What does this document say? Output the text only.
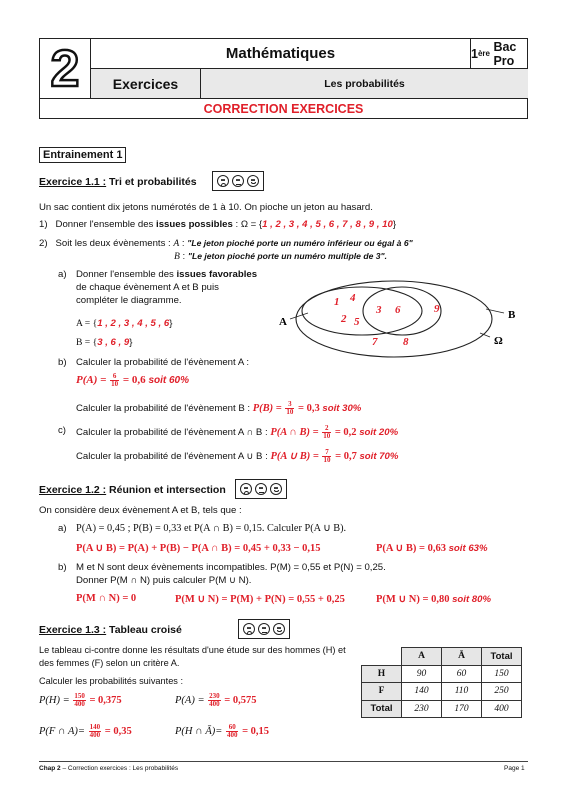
2	Mathématiques	1 ère
Bac Pro
Exercices	Les probabilités
CORRECTION EXERCICES
Entrainement 1
Exercice 1.1 : Tri et probabilités
Un sac contient dix jetons numérotés de 1 à 10. On pioche un jeton au hasard.
1) Donner l'ensemble des issues possibles : Ω = {1 , 2 , 3 , 4 , 5 , 6 , 7 , 8 , 9 , 10}
2) Soit les deux évènements : A : "Le jeton pioché porte un numéro inférieur ou égal à 6"
B : "Le jeton pioché porte un numéro multiple de 3".
a) Donner l'ensemble des issues favorables
de chaque évènement A et B puis
compléter le diagramme.
A = {1 , 2 , 3 , 4 , 5 , 6}
B = {3 , 6 , 9}
A
B
Ω
1 4
2 5
3 6	9
7 8
b) Calculer la probabilité de l'évènement A :
$P(A) = \frac{6}{10} = 0,6$ soit 60%
Calculer la probabilité de l'évènement B : $P(B) = \frac{3}{10} = 0,3$ soit 30%
c) Calculer la probabilité de l'évènement A ∩ B : P(A ∩ $B) = \frac{2}{10} = 0,2$ soit 20%
Calculer la probabilité de l'évènement A ∪ B : P(A ∪ $B) = \frac{7}{10} = 0,7$ soit 70%
Exercice 1.2 : Réunion et intersection
On considère deux évènement A et B, tels que :
a) P(A) = 0,45 ; P(B) = 0,33 et P(A ∩ B) = 0,15. Calculer P(A ∪ B).
P(A ∪ B) = P(A) + P(B) − P(A ∩ B) = 0,45 + 0,33 − 0,15	P(A ∪ B) = 0,63 soit 63%
b) M et N sont deux évènements incompatibles. P(M) = 0,55 et P(N) = 0,25.
Donner P(M ∩ N) puis calculer P(M ∪ N).
P(M ∩ N) = 0	P(M ∪ N) = P(M) + P(N) = 0,55 + 0,25	P(M ∪ N) = 0,80 soit 80%
Exercice 1.3 : Tableau croisé
Le tableau ci-contre donne les résultats d'une étude sur des hommes (H) et
des femmes (F) selon un critère A.
Calculer les probabilités suivantes :
$P(H) = \frac{150}{400} = 0,375$	$P(A) = \frac{230}{400} = 0,575$
P(F ∩ $A)= \frac{140}{400} = 0,35$	P(H ∩ Ā)= $\frac{60}{400} = 0,15$
	A	Ā	Total
H	90	60	150
F	140	110	250
Total	230	170	400
Chap 2 – Correction exercices : Les probabilités	Page 1
